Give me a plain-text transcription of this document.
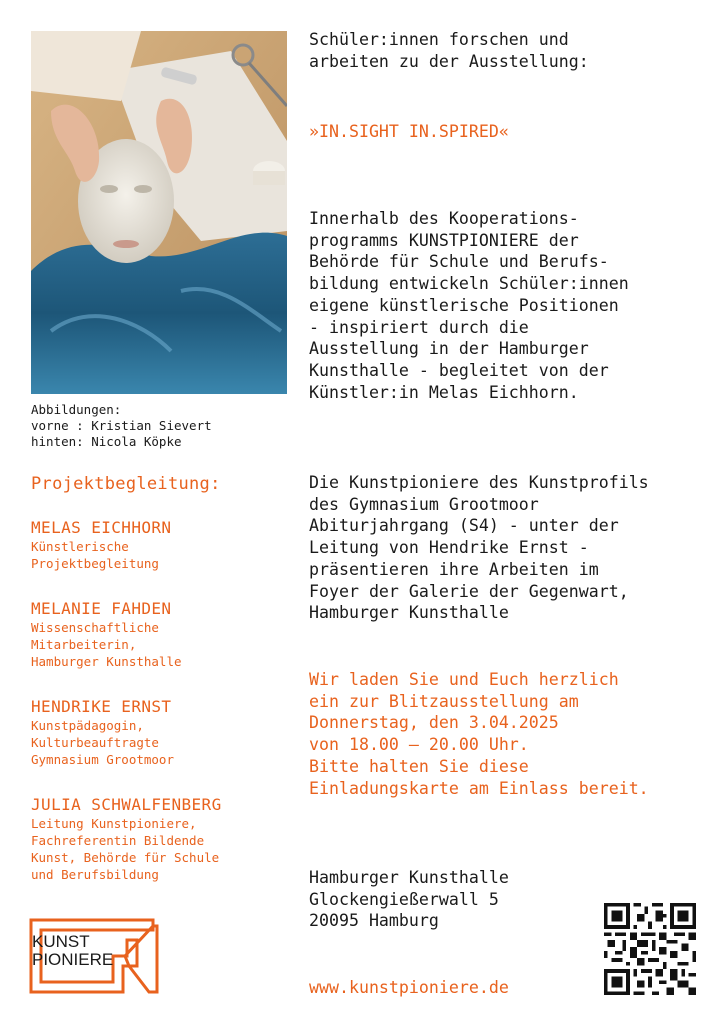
Abbildungen:
vorne : Kristian Sievert
hinten: Nicola Köpke
Schüler:innen forschen und
arbeiten zu der Ausstellung:
»IN.SIGHT IN.SPIRED«
Innerhalb des Kooperations-
programms KUNSTPIONIERE der
Behörde für Schule und Berufs-
bildung entwickeln Schüler:innen
eigene künstlerische Positionen
- inspiriert durch die
Ausstellung in der Hamburger
Kunsthalle - begleitet von der
Künstler:in Melas Eichhorn.
Die Kunstpioniere des Kunstprofils
des Gymnasium Grootmoor
Abiturjahrgang (S4) - unter der
Leitung von Hendrike Ernst -
präsentieren ihre Arbeiten im
Foyer der Galerie der Gegenwart,
Hamburger Kunsthalle
Wir laden Sie und Euch herzlich
ein zur Blitzausstellung am
Donnerstag, den 3.04.2025
von 18.00 – 20.00 Uhr.
Bitte halten Sie diese
Einladungskarte am Einlass bereit.
Hamburger Kunsthalle
Glockengießerwall 5
20095 Hamburg
www.kunstpioniere.de
Projektbegleitung:
MELAS EICHHORN
Künstlerische
Projektbegleitung
MELANIE FAHDEN
Wissenschaftliche
Mitarbeiterin,
Hamburger Kunsthalle
HENDRIKE ERNST
Kunstpädagogin,
Kulturbeauftragte
Gymnasium Grootmoor
JULIA SCHWALFENBERG
Leitung Kunstpioniere,
Fachreferentin Bildende
Kunst, Behörde für Schule
und Berufsbildung
KUNST
PIONIERE
